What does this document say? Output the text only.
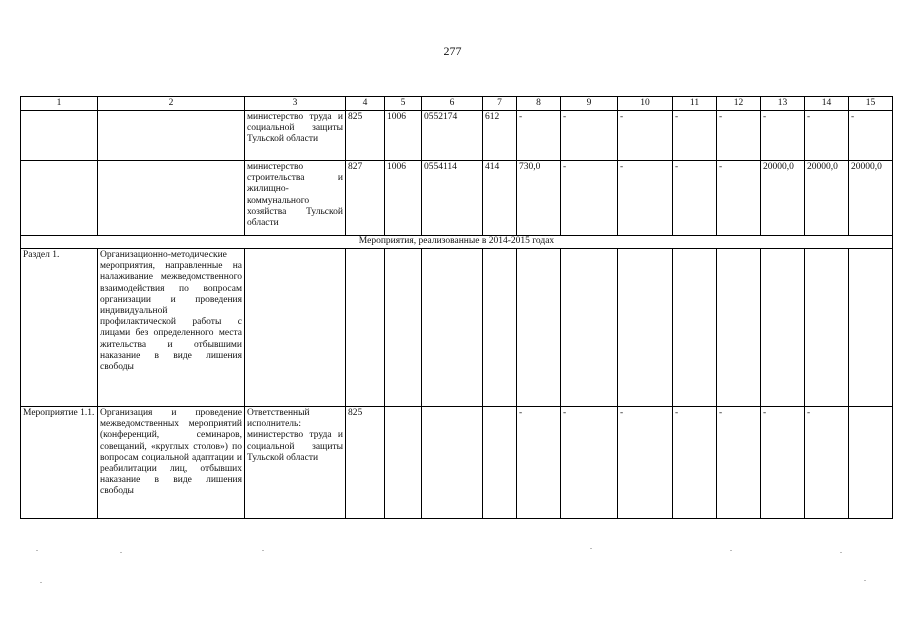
277
1	2	3	4	5	6	7	8	9	10	11	12	13	14	15
		министерство труда и социальной защиты Тульской области	825	1006	0552174	612	-	-	-	-	-	-	-	-
		министерство строительства и жилищно-коммунального хозяйства Тульской области	827	1006	0554114	414	730,0	-	-	-	-	20000,0	20000,0	20000,0
Мероприятия, реализованные в 2014-2015 годах														
Раздел 1.	Организационно-методические мероприятия, направленные на налаживание межведомственного взаимодействия по вопросам организации и проведения индивидуальной профилактической работы с лицами без определенного места жительства и отбывшими наказание в виде лишения свободы													
Мероприятие 1.1.	Организация и проведение межведомственных мероприятий (конференций, семинаров, совещаний, «круглых столов») по вопросам социальной адаптации и реабилитации лиц, отбывших наказание в виде лишения свободы	Ответственный исполнитель: министерство труда и социальной защиты Тульской области	825				-	-	-	-	-	-	-	
